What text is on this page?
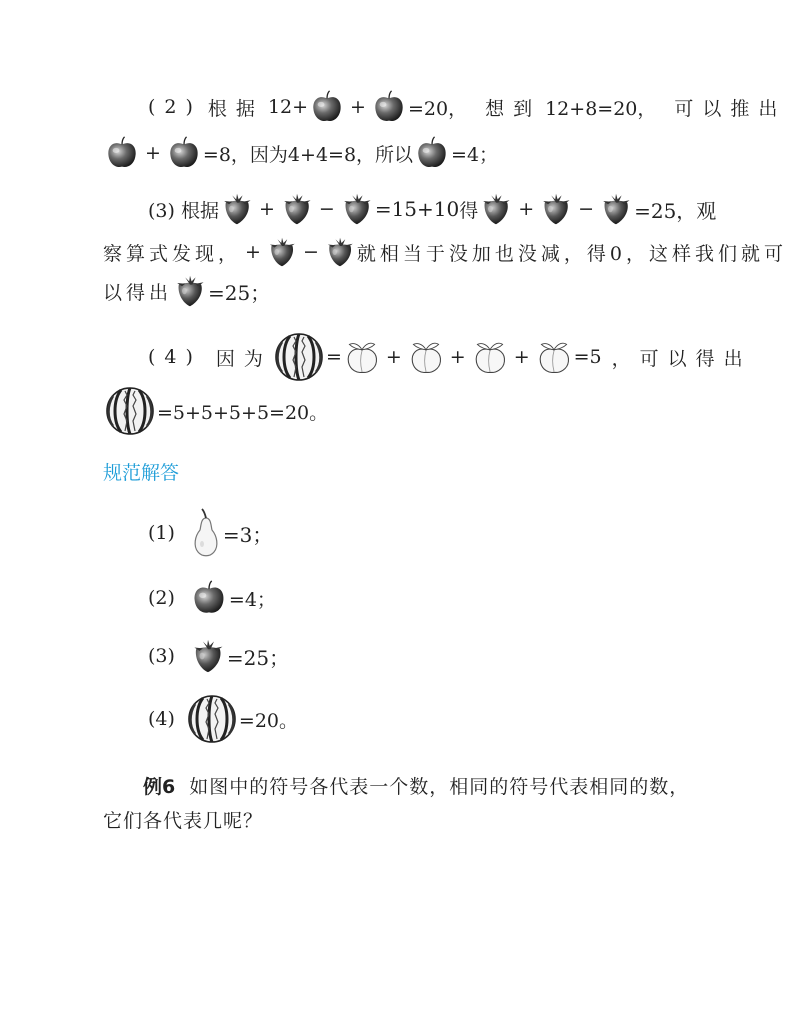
(2) 根据 12+ + =20， 想到 12+8=20， 可以推出
+ =8，因为4+4=8，所以 =4；
(3) 根据 + − =15+10 得 + − =25，观
察算式发现， + − 就相当于没加也没减，得0，这样我们就可
以得出 =25；
(4) 因为	= +	+	+ =5 ，可以得出
=5+5+5+5=20。
规范解答
(1) =3；
(2)	=4；
(3)	=25；
(4)	=20。
例6 如图中的符号各代表一个数，相同的符号代表相同的数，
它们各代表几呢？
